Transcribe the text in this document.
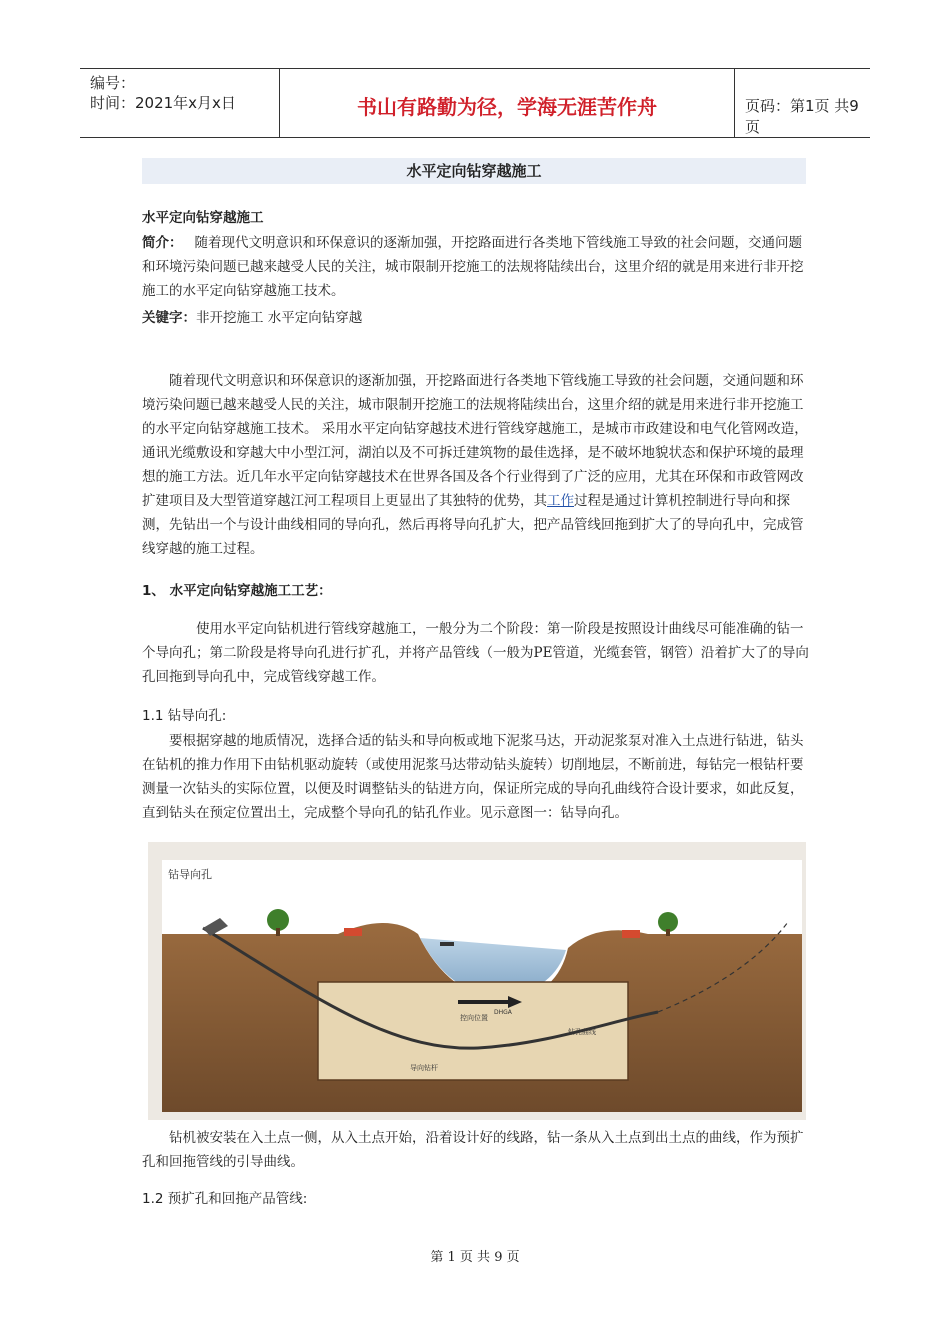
编号：
时间：2021年x月x日	书山有路勤为径，学海无涯苦作舟	页码：第1页 共9页
水平定向钻穿越施工
水平定向钻穿越施工
简介： 随着现代文明意识和环保意识的逐渐加强，开挖路面进行各类地下管线施工导致的社会问题，交通问题和环境污染问题已越来越受人民的关注，城市限制开挖施工的法规将陆续出台，这里介绍的就是用来进行非开挖施工的水平定向钻穿越施工技术。
关键字：非开挖施工 水平定向钻穿越
随着现代文明意识和环保意识的逐渐加强，开挖路面进行各类地下管线施工导致的社会问题，交通问题和环境污染问题已越来越受人民的关注，城市限制开挖施工的法规将陆续出台，这里介绍的就是用来进行非开挖施工的水平定向钻穿越施工技术。 采用水平定向钻穿越技术进行管线穿越施工，是城市市政建设和电气化管网改造，通讯光缆敷设和穿越大中小型江河，湖泊以及不可拆迁建筑物的最佳选择，是不破坏地貌状态和保护环境的最理想的施工方法。近几年水平定向钻穿越技术在世界各国及各个行业得到了广泛的应用，尤其在环保和市政管网改扩建项目及大型管道穿越江河工程项目上更显出了其独特的优势，其工作过程是通过计算机控制进行导向和探测，先钻出一个与设计曲线相同的导向孔，然后再将导向孔扩大，把产品管线回拖到扩大了的导向孔中，完成管线穿越的施工过程。
1、 水平定向钻穿越施工工艺：
使用水平定向钻机进行管线穿越施工，一般分为二个阶段：第一阶段是按照设计曲线尽可能准确的钻一个导向孔；第二阶段是将导向孔进行扩孔，并将产品管线（一般为PE管道，光缆套管，钢管）沿着扩大了的导向孔回拖到导向孔中，完成管线穿越工作。
1.1 钻导向孔:
要根据穿越的地质情况，选择合适的钻头和导向板或地下泥浆马达，开动泥浆泵对准入土点进行钻进，钻头在钻机的推力作用下由钻机驱动旋转（或使用泥浆马达带动钻头旋转）切削地层，不断前进，每钻完一根钻杆要测量一次钻头的实际位置，以便及时调整钻头的钻进方向，保证所完成的导向孔曲线符合设计要求，如此反复，直到钻头在预定位置出土，完成整个导向孔的钻孔作业。见示意图一：钻导向孔。
钻导向孔
控向位置
DHGA
钻孔曲线
导向钻杆
钻机被安装在入土点一侧，从入土点开始，沿着设计好的线路，钻一条从入土点到出土点的曲线，作为预扩孔和回拖管线的引导曲线。
1.2 预扩孔和回拖产品管线:
第 1 页 共 9 页
